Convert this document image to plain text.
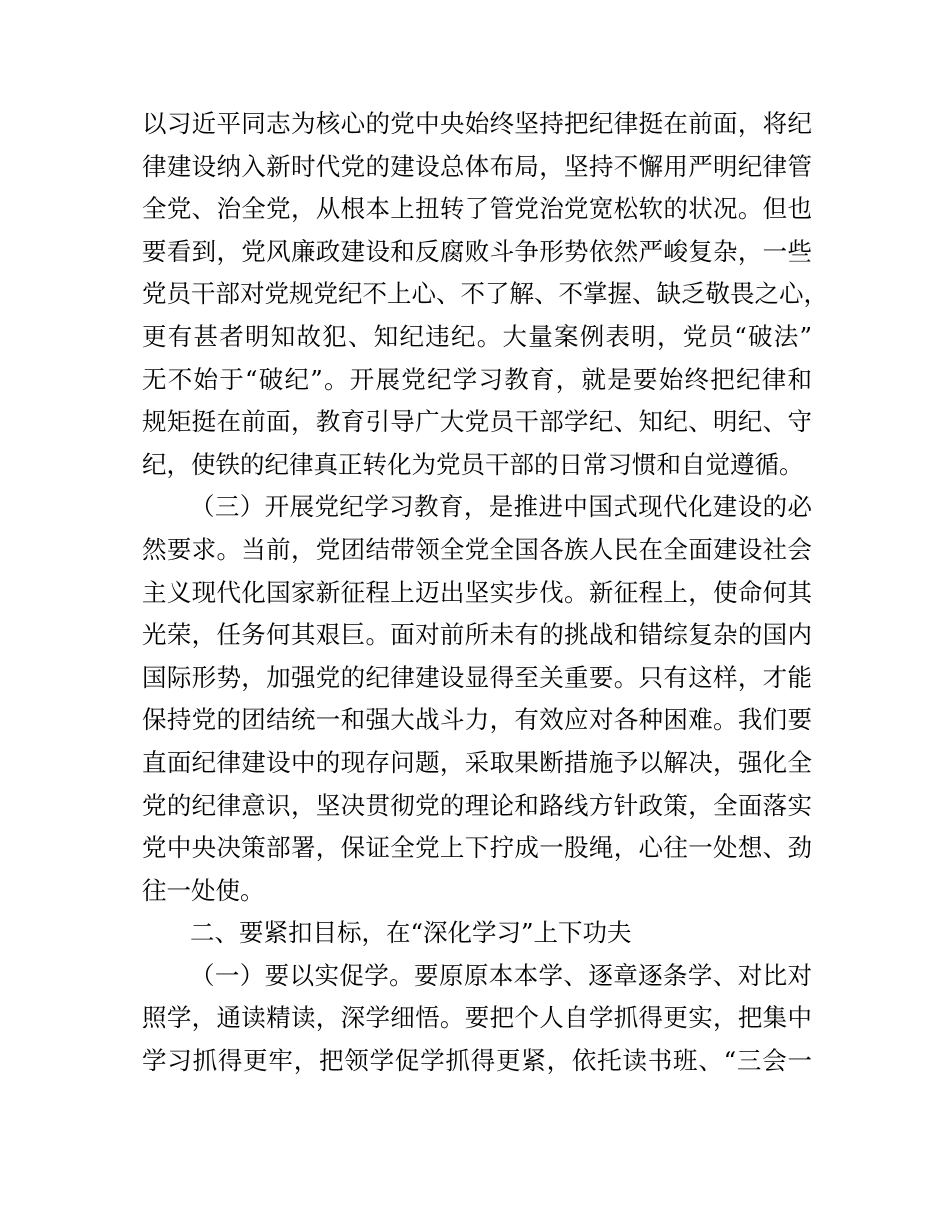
以习近平同志为核心的党中央始终坚持把纪律挺在前面，将纪
律建设纳入新时代党的建设总体布局，坚持不懈用严明纪律管
全党、治全党，从根本上扭转了管党治党宽松软的状况。但也
要看到，党风廉政建设和反腐败斗争形势依然严峻复杂，一些
党员干部对党规党纪不上心、不了解、不掌握、缺乏敬畏之心，
更有甚者明知故犯、知纪违纪。大量案例表明，党员“破法”
无不始于“破纪”。开展党纪学习教育，就是要始终把纪律和
规矩挺在前面，教育引导广大党员干部学纪、知纪、明纪、守
纪，使铁的纪律真正转化为党员干部的日常习惯和自觉遵循。
（三）开展党纪学习教育，是推进中国式现代化建设的必
然要求。当前，党团结带领全党全国各族人民在全面建设社会
主义现代化国家新征程上迈出坚实步伐。新征程上，使命何其
光荣，任务何其艰巨。面对前所未有的挑战和错综复杂的国内
国际形势，加强党的纪律建设显得至关重要。只有这样，才能
保持党的团结统一和强大战斗力，有效应对各种困难。我们要
直面纪律建设中的现存问题，采取果断措施予以解决，强化全
党的纪律意识，坚决贯彻党的理论和路线方针政策，全面落实
党中央决策部署，保证全党上下拧成一股绳，心往一处想、劲
往一处使。
二、要紧扣目标，在“深化学习”上下功夫
（一）要以实促学。要原原本本学、逐章逐条学、对比对
照学，通读精读，深学细悟。要把个人自学抓得更实，把集中
学习抓得更牢，把领学促学抓得更紧，依托读书班、“三会一
